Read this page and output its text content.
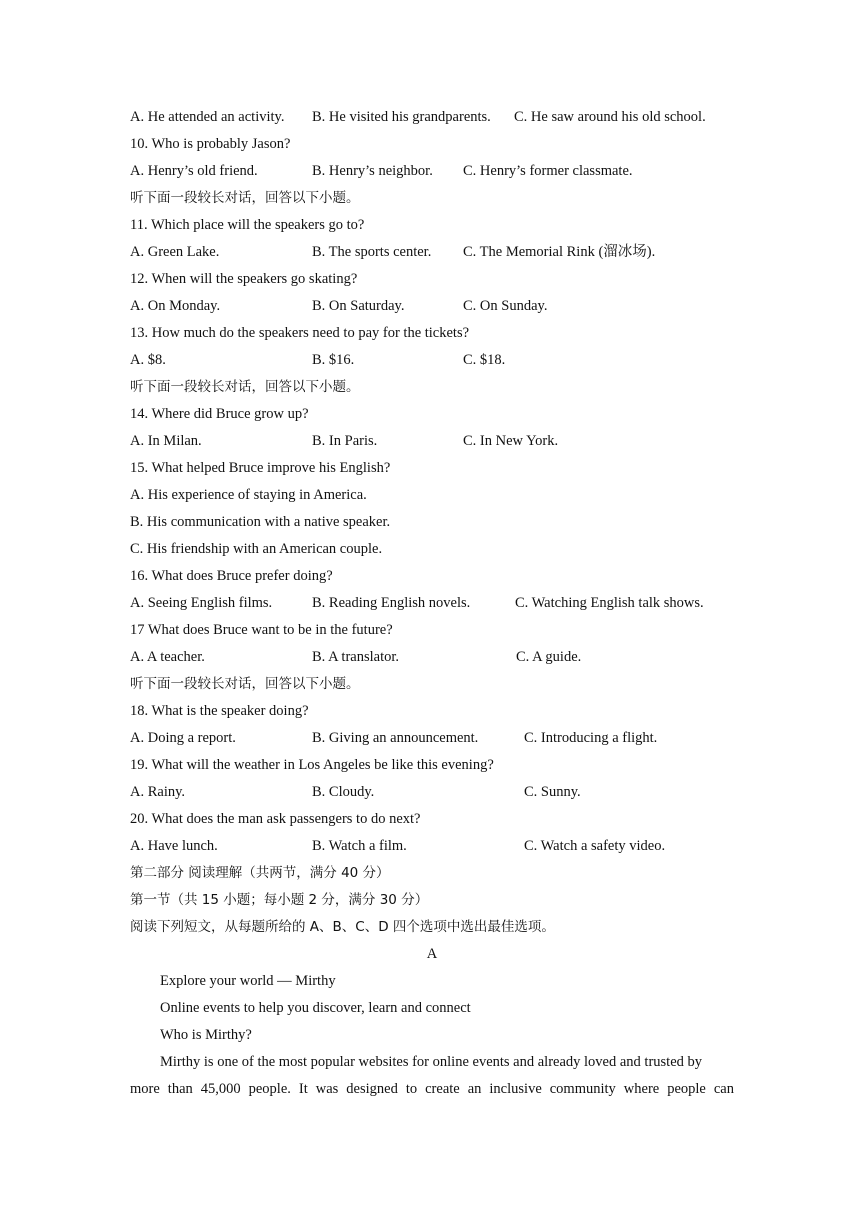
A. He attended an activity. B. He visited his grandparents. C. He saw around his old school.
10. Who is probably Jason?
A. Henry’s old friend.	B. Henry’s neighbor. C. Henry’s former classmate.
听下面一段较长对话，回答以下小题。
11. Which place will the speakers go to?
A. Green Lake.	B. The sports center. C. The Memorial Rink (溜冰场).
12. When will the speakers go skating?
A. On Monday.	B. On Saturday.	C. On Sunday.
13. How much do the speakers need to pay for the tickets?
A. $8.	B. $16.	C. $18.
听下面一段较长对话，回答以下小题。
14. Where did Bruce grow up?
A. In Milan.	B. In Paris.	C. In New York.
15. What helped Bruce improve his English?
A. His experience of staying in America.
B. His communication with a native speaker.
C. His friendship with an American couple.
16. What does Bruce prefer doing?
A. Seeing English films.	B. Reading English novels.	C. Watching English talk shows.
17 What does Bruce want to be in the future?
A. A teacher.	B. A translator.	C. A guide.
听下面一段较长对话，回答以下小题。
18. What is the speaker doing?
A. Doing a report.	B. Giving an announcement.	C. Introducing a flight.
19. What will the weather in Los Angeles be like this evening?
A. Rainy.	B. Cloudy.	C. Sunny.
20. What does the man ask passengers to do next?
A. Have lunch.	B. Watch a film.	C. Watch a safety video.
第二部分 阅读理解（共两节，满分 40 分）
第一节（共 15 小题；每小题 2 分，满分 30 分）
阅读下列短文，从每题所给的 A、B、C、D 四个选项中选出最佳选项。
A
Explore your world — Mirthy
Online events to help you discover, learn and connect
Who is Mirthy?
Mirthy is one of the most popular websites for online events and already loved and trusted by
more than 45,000 people. It was designed to create an inclusive community where people can
